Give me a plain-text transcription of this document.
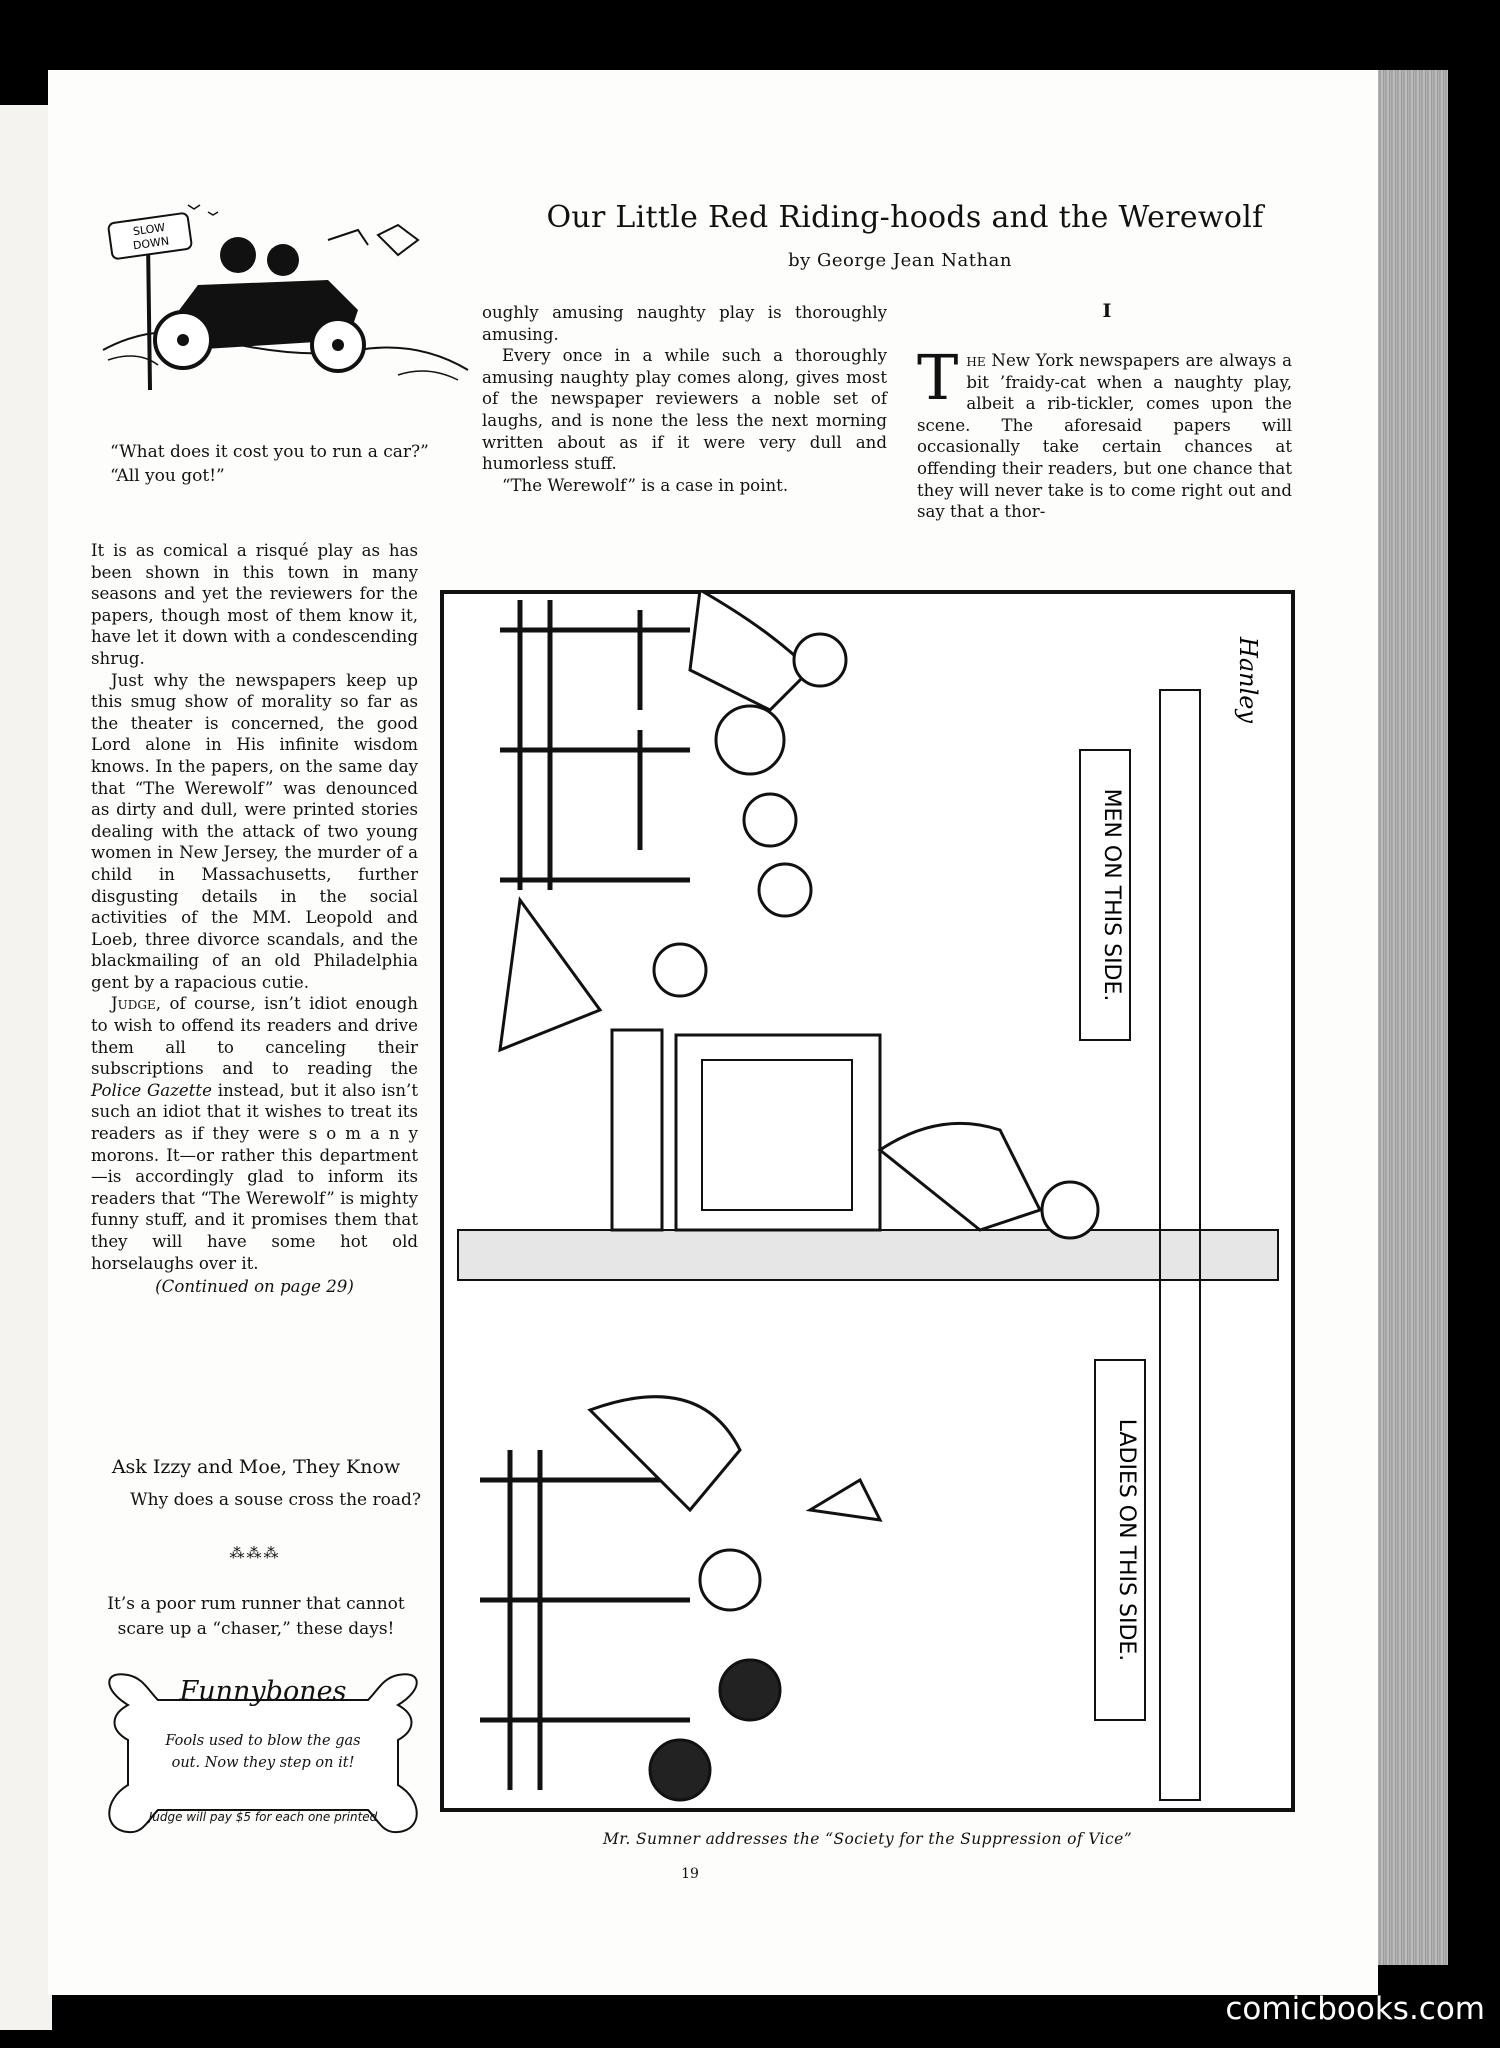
comicbooks.com
SLOW
DOWN

“What does it cost you to run a car?”

“All you got!”

It is as comical a risqué play as has been shown in this town in many seasons and yet the reviewers for the papers, though most of them know it, have let it down with a condescending shrug.

Just why the newspapers keep up this smug show of morality so far as the theater is concerned, the good Lord alone in His infinite wisdom knows. In the papers, on the same day that “The Werewolf” was denounced as dirty and dull, were printed stories dealing with the attack of two young women in New Jersey, the murder of a child in Massachusetts, further disgusting details in the social activities of the MM. Leopold and Loeb, three divorce scandals, and the blackmailing of an old Philadelphia gent by a rapacious cutie.

Judge, of course, isn’t idiot enough to wish to offend its readers and drive them all to canceling their subscriptions and to reading the Police Gazette instead, but it also isn’t such an idiot that it wishes to treat its readers as if they were s o m a n y morons. It—or rather this department—is accordingly glad to inform its readers that “The Werewolf” is mighty funny stuff, and it promises them that they will have some hot old horselaughs over it.

(Continued on page 29)

Ask Izzy and Moe, They Know
Why does a souse cross the road?
⁂⁂⁂

It’s a poor rum runner that cannot

scare up a “chaser,” these days!

Funnybones

Fools used to blow the gas

out. Now they step on it!

Judge will pay $5 for each one printed
Our Little Red Riding-hoods and the Werewolf
by George Jean Nathan

oughly amusing naughty play is thoroughly amusing.

Every once in a while such a thoroughly amusing naughty play comes along, gives most of the newspaper reviewers a noble set of laughs, and is none the less the next morning written about as if it were very dull and humorless stuff.

“The Werewolf” is a case in point.

I

The New York newspapers are always a bit ’fraidy-cat when a naughty play, albeit a rib-tickler, comes upon the scene. The aforesaid papers will occasionally take certain chances at offending their readers, but one chance that they will never take is to come right out and say that a thor-

MEN ON THIS SIDE.
LADIES ON THIS SIDE.
Hanley
Mr. Sumner addresses the “Society for the Suppression of Vice”
19
